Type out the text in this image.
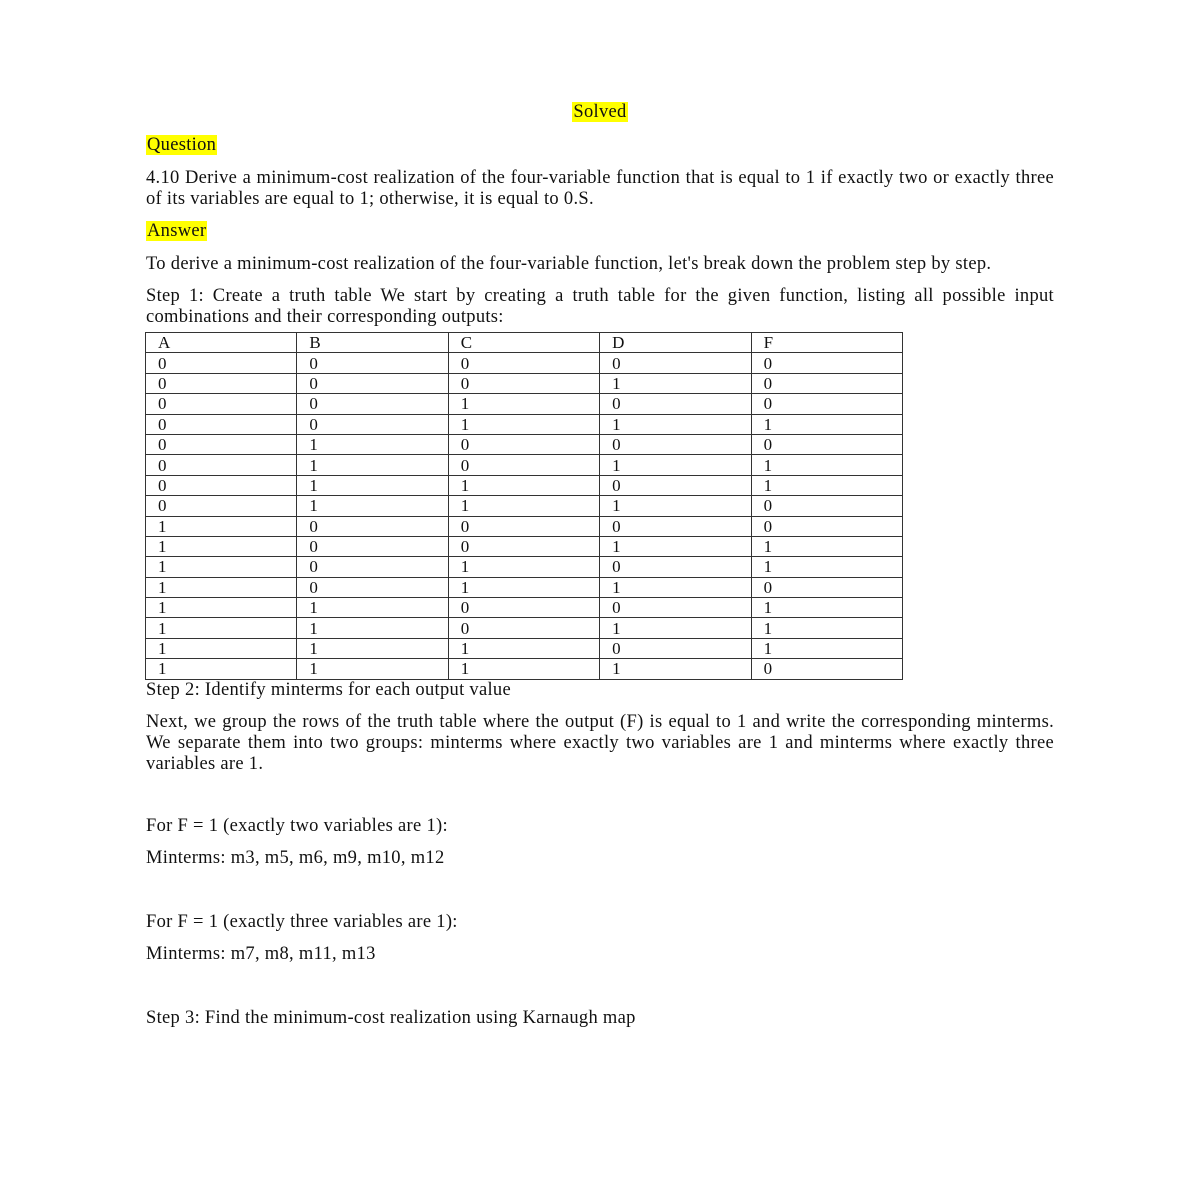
Solved

Question

4.10 Derive a minimum-cost realization of the four-variable function that is equal to 1 if exactly two or exactly three of its variables are equal to 1; otherwise, it is equal to 0.S.

Answer

To derive a minimum-cost realization of the four-variable function, let's break down the problem step by step.

Step 1: Create a truth table We start by creating a truth table for the given function, listing all possible input combinations and their corresponding outputs:

A	B	C	D	F
0	0	0	0	0
0	0	0	1	0
0	0	1	0	0
0	0	1	1	1
0	1	0	0	0
0	1	0	1	1
0	1	1	0	1
0	1	1	1	0
1	0	0	0	0
1	0	0	1	1
1	0	1	0	1
1	0	1	1	0
1	1	0	0	1
1	1	0	1	1
1	1	1	0	1
1	1	1	1	0

Step 2: Identify minterms for each output value

Next, we group the rows of the truth table where the output (F) is equal to 1 and write the corresponding minterms. We separate them into two groups: minterms where exactly two variables are 1 and minterms where exactly three variables are 1.

For F = 1 (exactly two variables are 1):

Minterms: m3, m5, m6, m9, m10, m12

For F = 1 (exactly three variables are 1):

Minterms: m7, m8, m11, m13

Step 3: Find the minimum-cost realization using Karnaugh map
